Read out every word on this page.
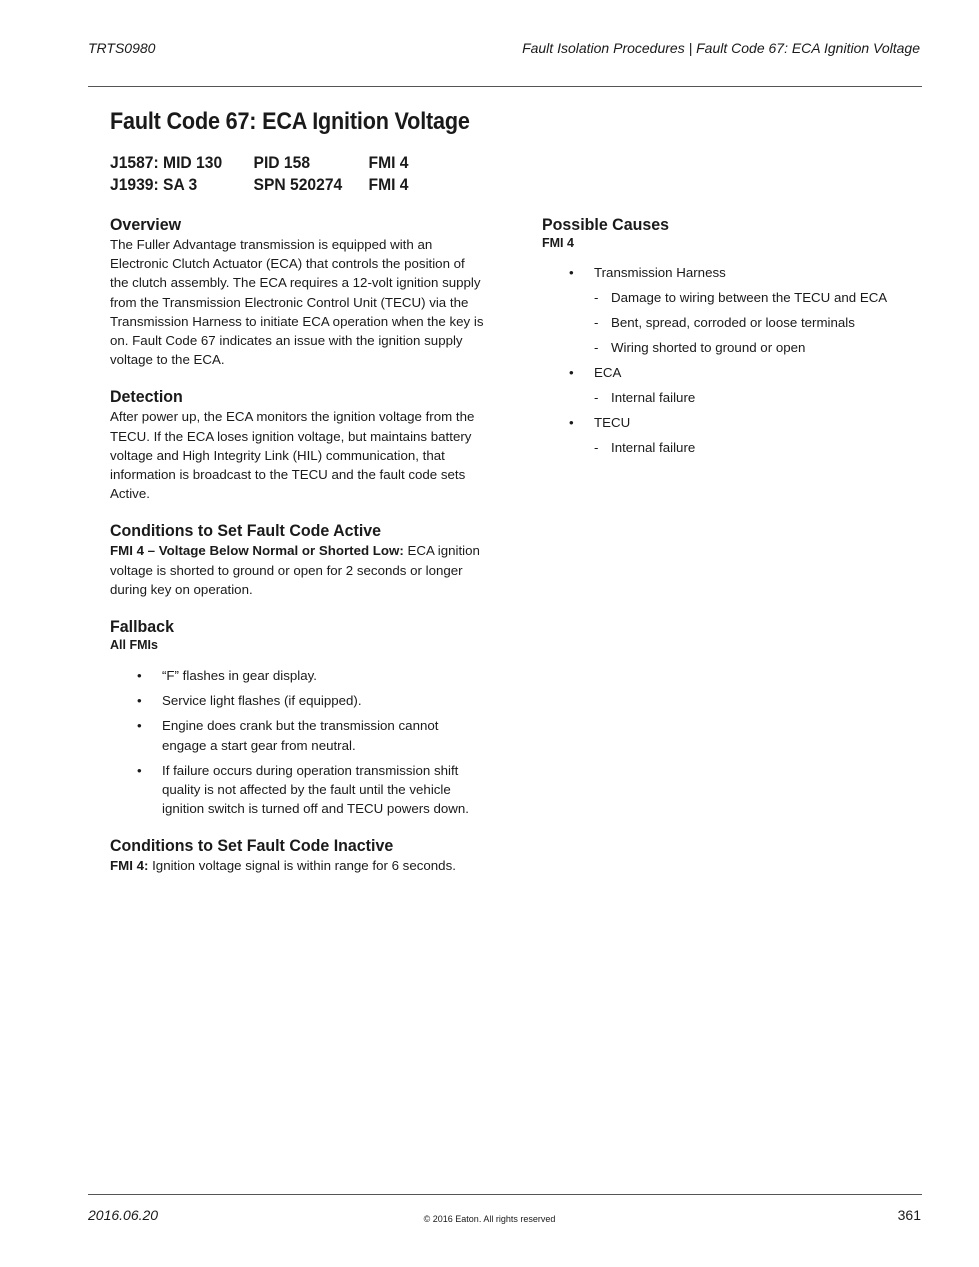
TRTS0980	Fault Isolation Procedures | Fault Code 67: ECA Ignition Voltage
Fault Code 67: ECA Ignition Voltage
J1587: MID 130	PID 158	FMI 4
J1939: SA 3	SPN 520274	FMI 4
Overview

The Fuller Advantage transmission is equipped with an Electronic Clutch Actuator (ECA) that controls the position of the clutch assembly. The ECA requires a 12-volt ignition supply from the Transmission Electronic Control Unit (TECU) via the Transmission Harness to initiate ECA operation when the key is on. Fault Code 67 indicates an issue with the ignition supply voltage to the ECA.

Detection

After power up, the ECA monitors the ignition voltage from the TECU. If the ECA loses ignition voltage, but maintains battery voltage and High Integrity Link (HIL) communication, that information is broadcast to the TECU and the fault code sets Active.

Conditions to Set Fault Code Active

FMI 4 – Voltage Below Normal or Shorted Low: ECA ignition voltage is shorted to ground or open for 2 seconds or longer during key on operation.

Fallback
All FMIs
• “F” flashes in gear display.
• Service light flashes (if equipped).
• Engine does crank but the transmission cannot engage a start gear from neutral.
• If failure occurs during operation transmission shift quality is not affected by the fault until the vehicle ignition switch is turned off and TECU powers down.
Conditions to Set Fault Code Inactive

FMI 4: Ignition voltage signal is within range for 6 seconds.

Possible Causes
FMI 4
• Transmission Harness
- Damage to wiring between the TECU and ECA
- Bent, spread, corroded or loose terminals
- Wiring shorted to ground or open
• ECA
- Internal failure
• TECU
- Internal failure
2016.06.20	© 2016 Eaton. All rights reserved	361
